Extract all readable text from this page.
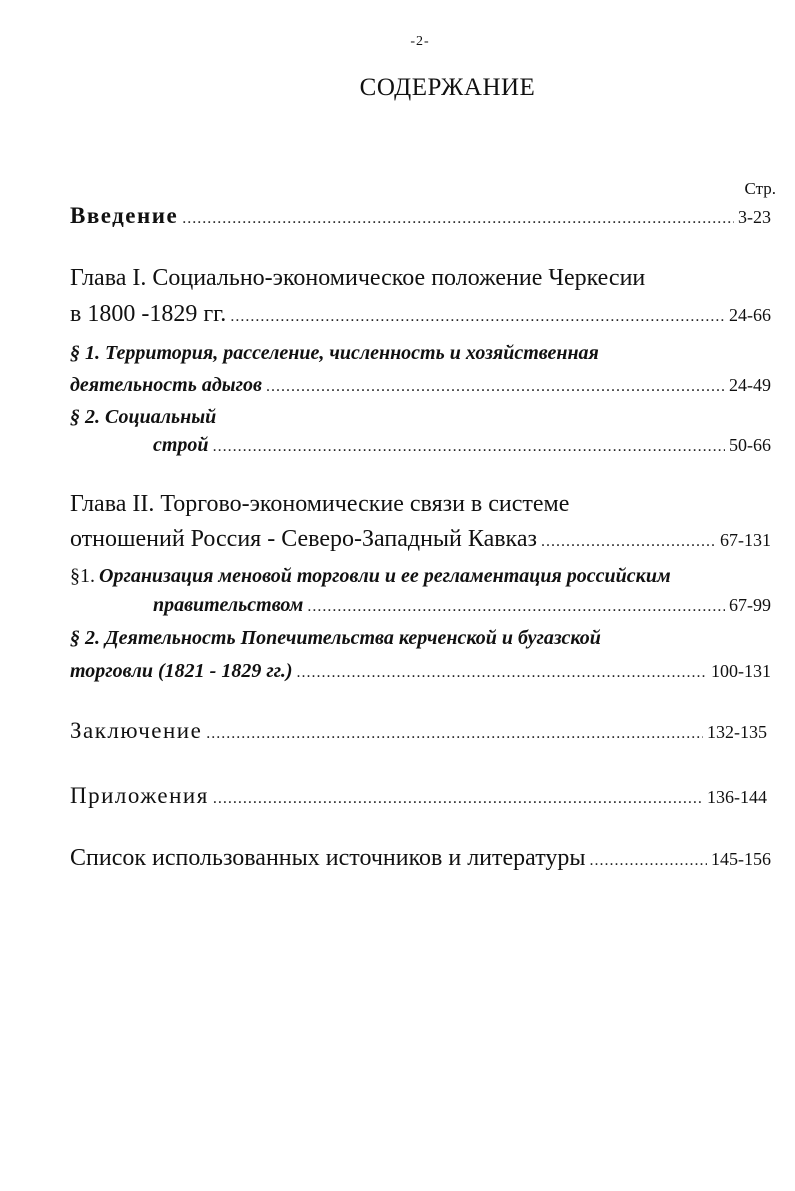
-2-
СОДЕРЖАНИЕ
Стр.
Введение .....	3-23
Глава I. Социально-экономическое положение Черкесии
в 1800 -1829 гг. .....	24-66
§ 1. Территория, расселение, численность и хозяйственная
деятельность адыгов .....	24-49
§ 2. Социальный
строй .....	50-66
Глава II. Торгово-экономические связи в системе
отношений Россия - Северо-Западный Кавказ .....	67-131
§1. Организация меновой торговли и ее регламентация российским
правительством .....	67-99
§ 2. Деятельность Попечительства керченской и бугазской
торговли (1821 - 1829 гг.) .....	100-131
Заключение .....	132-135
Приложения .....	136-144
Список использованных источников и литературы .....	145-156
